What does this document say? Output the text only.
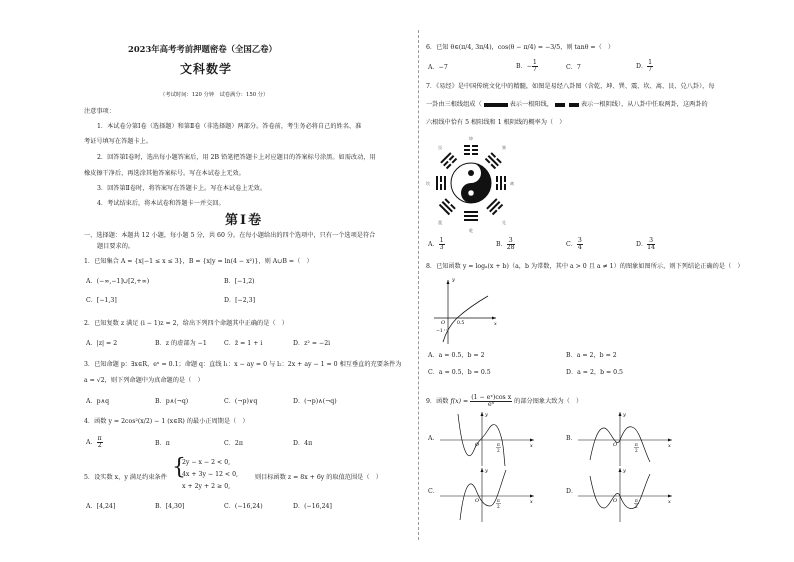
2023年高考考前押题密卷（全国乙卷）
文科数学
（考试时间：120 分钟　试卷满分：150 分）
注意事项：
1．本试卷分第Ⅰ卷（选择题）和第Ⅱ卷（非选择题）两部分。答卷前，考生务必将自己的姓名、准
考证号填写在答题卡上。
2．回答第Ⅰ卷时，选出每小题答案后，用 2B 铅笔把答题卡上对应题目的答案标号涂黑。如需改动，用
橡皮擦干净后，再选涂其他答案标号。写在本试卷上无效。
3．回答第Ⅱ卷时，将答案写在答题卡上。写在本试卷上无效。
4．考试结束后，将本试卷和答题卡一并交回。
第Ⅰ卷
一、选择题：本题共 12 小题，每小题 5 分，共 60 分。在每小题给出的四个选项中，只有一个选项是符合
题目要求的。
1．已知集合 A = {x|−1 ≤ x ≤ 3}，B = {x|y = ln(4 − x²)}，则 A∪B =（　）
A．(−∞,−1]∪[2,+∞)	B．[−1,2)
C．[−1,3]	D．[−2,3]
2．已知复数 z 满足 (i − 1)z = 2，给出下列四个命题其中正确的是（　）
A．|z| = 2	B．z 的虚部为 −1	C．z̄ = 1 + i	D．z² = −2i
3．已知命题 p：∃x∈R，eˣ = 0.1；命题 q：直线 l₁：x − ay = 0 与 l₂：2x + ay − 1 = 0 相互垂直的充要条件为
a = √2，则下列命题中为真命题的是（　）
A．p∧q	B．p∧(¬q)	C．(¬p)∨q	D．(¬p)∧(¬q)
4．函数 y = 2cos²(x/2) − 1 (x∈R) 的最小正周期是（　）
A． $\frac{\pi}{2}$	B．π	C．2π	D．4π
5．设实数 x，y 满足约束条件 {
2y − x − 2 < 0,
4x + 3y − 12 < 0,
x + 2y + 2 ≥ 0,
则目标函数 z = 8x + 6y 的取值范围是（　）
A．[4,24]	B．[4,30]	C．(−16,24)	D．(−16,24]
6．已知 θ∈(π/4, 3π/4)，cos(θ − π/4) = −3/5，则 tanθ =（　）
A．−7	B．− $\frac{1}{7}$	C．7	D． $\frac{1}{7}$
7．《易经》是中国传统文化中的精髓，如图是易经八卦图（含乾、坤、巽、震、坎、离、艮、兑八卦），每
一卦由三根线组成（	表示一根阳线，	表示一根阴线），从八卦中任取两卦，这两卦的
六根线中恰有 5 根阳线和 1 根阴线的概率为（　）
坤
艮
坎
巽
震
离
兑
乾
A． $\frac{1}{3}$	B． $\frac{3}{28}$	C． $\frac{3}{4}$	D． $\frac{3}{14}$
8．已知函数 y = logₐ(x + b)（a，b 为常数，其中 a > 0 且 a ≠ 1）的图象如图所示，则下列结论正确的是（　）
y
x
O	0.5
−1
A．a = 0.5，b = 2	B．a = 2，b = 2
C．a = 0.5，b = 0.5	D．a = 2，b = 0.5
9．函数 $f(x) = \frac{\text{(1 − eˣ)cos x}}{\text{eˣ}}$ 的部分图象大致为（　）
A．
y
x
O	π
2
B．
y
x
O	π
2
C．
y
x
O	π
2
D．
y
x
O	π
2
